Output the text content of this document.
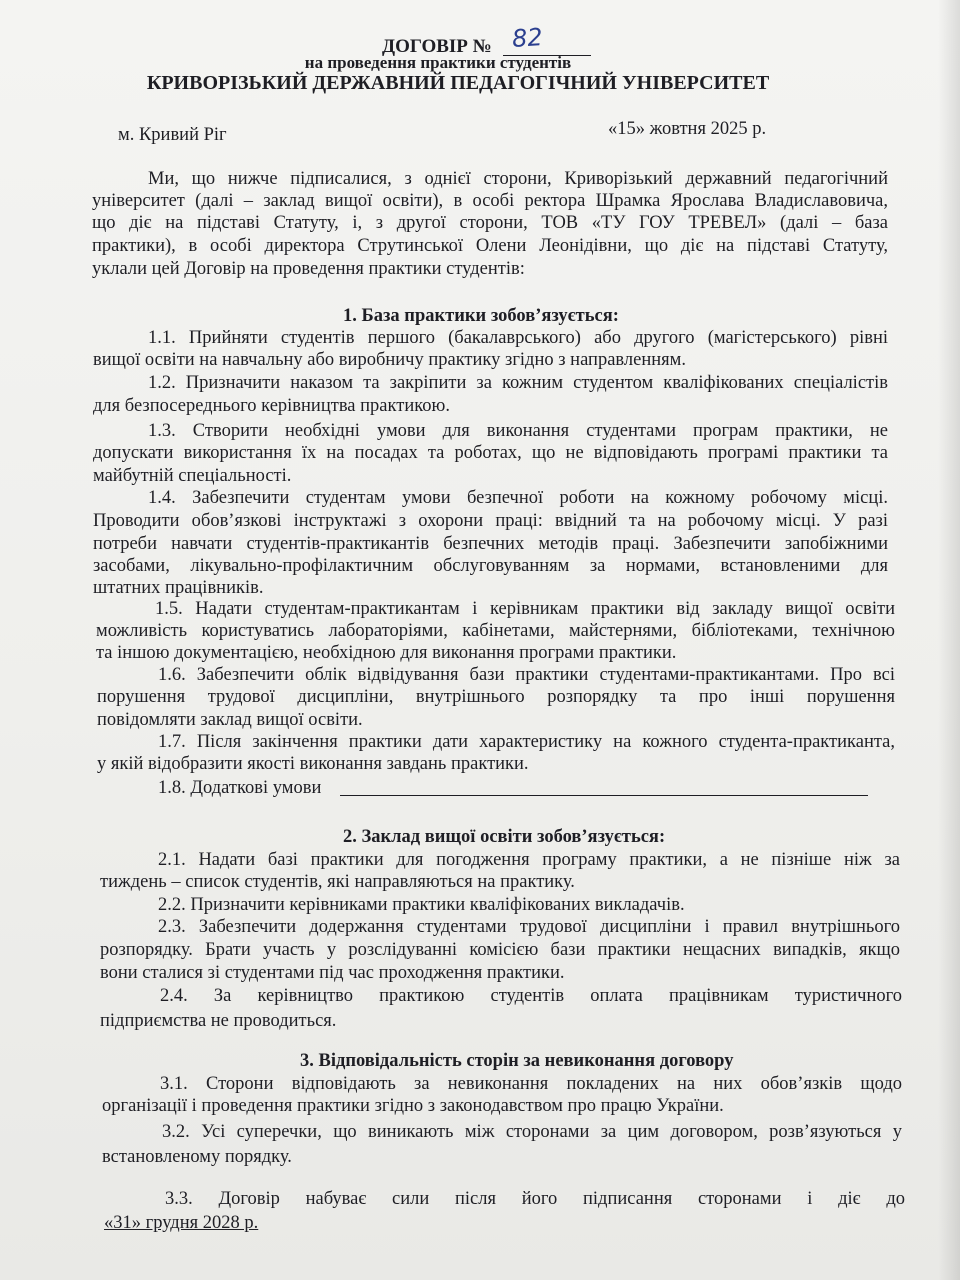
ДОГОВІР № 82
на проведення практики студентів
КРИВОРІЗЬКИЙ ДЕРЖАВНИЙ ПЕДАГОГІЧНИЙ УНІВЕРСИТЕТ
м. Кривий Ріг	«15» жовтня 2025 р.
Ми, що нижче підписалися, з однієї сторони, Криворізький державний педагогічний
університет (далі – заклад вищої освіти), в особі ректора Шрамка Ярослава Владиславовича,
що діє на підставі Статуту, і, з другої сторони, ТОВ «ТУ ГОУ ТРЕВЕЛ» (далі – база
практики), в особі директора Струтинської Олени Леонідівни, що діє на підставі Статуту,
уклали цей Договір на проведення практики студентів:
1. База практики зобов’язується:
1.1. Прийняти студентів першого (бакалаврського) або другого (магістерського) рівні
вищої освіти на навчальну або виробничу практику згідно з направленням.
1.2. Призначити наказом та закріпити за кожним студентом кваліфікованих спеціалістів
для безпосереднього керівництва практикою.
1.3. Створити необхідні умови для виконання студентами програм практики, не
допускати використання їх на посадах та роботах, що не відповідають програмі практики та
майбутній спеціальності.
1.4. Забезпечити студентам умови безпечної роботи на кожному робочому місці.
Проводити обов’язкові інструктажі з охорони праці: ввідний та на робочому місці. У разі
потреби навчати студентів-практикантів безпечних методів праці. Забезпечити запобіжними
засобами, лікувально-профілактичним обслуговуванням за нормами, встановленими для
штатних працівників.
1.5. Надати студентам-практикантам і керівникам практики від закладу вищої освіти
можливість користуватись лабораторіями, кабінетами, майстернями, бібліотеками, технічною
та іншою документацією, необхідною для виконання програми практики.
1.6. Забезпечити облік відвідування бази практики студентами-практикантами. Про всі
порушення трудової дисципліни, внутрішнього розпорядку та про інші порушення
повідомляти заклад вищої освіти.
1.7. Після закінчення практики дати характеристику на кожного студента-практиканта,
у якій відобразити якості виконання завдань практики.
1.8. Додаткові умови
2. Заклад вищої освіти зобов’язується:
2.1. Надати базі практики для погодження програму практики, а не пізніше ніж за
тиждень – список студентів, які направляються на практику.
2.2. Призначити керівниками практики кваліфікованих викладачів.
2.3. Забезпечити додержання студентами трудової дисципліни і правил внутрішнього
розпорядку. Брати участь у розслідуванні комісією бази практики нещасних випадків, якщо
вони сталися зі студентами під час проходження практики.
2.4. За керівництво практикою студентів оплата працівникам туристичного
підприємства не проводиться.
3. Відповідальність сторін за невиконання договору
3.1. Сторони відповідають за невиконання покладених на них обов’язків щодо
організації і проведення практики згідно з законодавством про працю України.
3.2. Усі суперечки, що виникають між сторонами за цим договором, розв’язуються у
встановленому порядку.
3.3. Договір набуває сили після його підписання сторонами і діє до
«31» грудня 2028 р.
